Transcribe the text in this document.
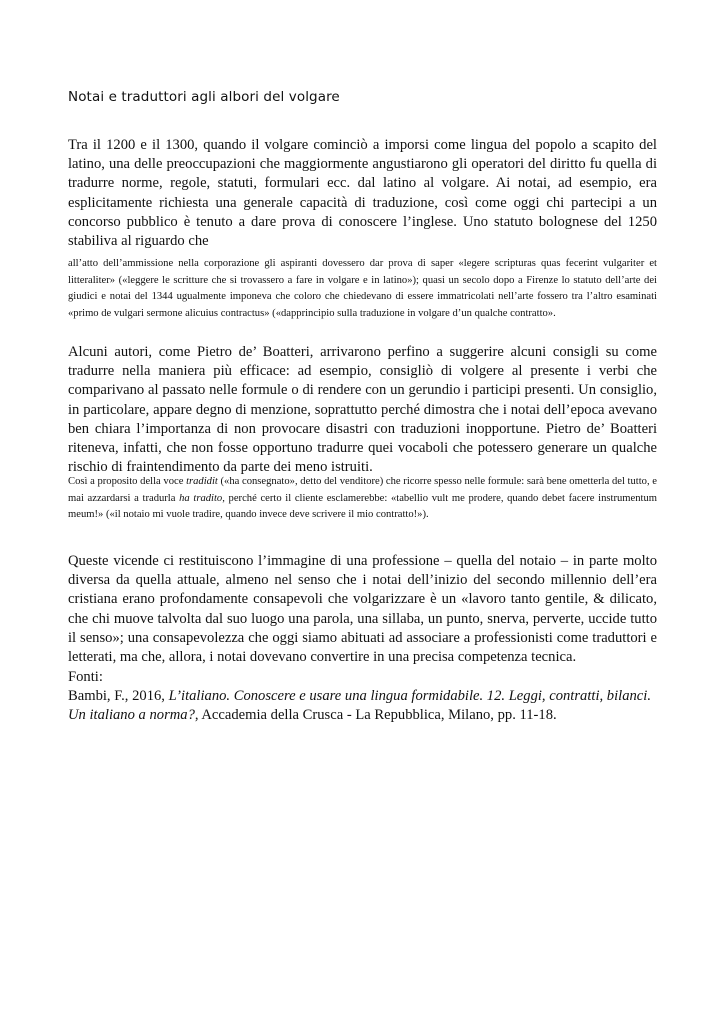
Notai e traduttori agli albori del volgare

Tra il 1200 e il 1300, quando il volgare cominciò a imporsi come lingua del popolo a scapito del latino, una delle preoccupazioni che maggiormente angustiarono gli operatori del diritto fu quella di tradurre norme, regole, statuti, formulari ecc. dal latino al volgare. Ai notai, ad esempio, era esplicitamente richiesta una generale capacità di traduzione, così come oggi chi partecipi a un concorso pubblico è tenuto a dare prova di conoscere l’inglese. Uno statuto bolognese del 1250 stabiliva al riguardo che

all’atto dell’ammissione nella corporazione gli aspiranti dovessero dar prova di saper «legere scripturas quas fecerint vulgariter et litteraliter» («leggere le scritture che si trovassero a fare in volgare e in latino»); quasi un secolo dopo a Firenze lo statuto dell’arte dei giudici e notai del 1344 ugualmente imponeva che coloro che chiedevano di essere immatricolati nell’arte fossero tra l’altro esaminati «primo de vulgari sermone alicuius contractus» («dapprincipio sulla traduzione in volgare d’un qualche contratto».

Alcuni autori, come Pietro de’ Boatteri, arrivarono perfino a suggerire alcuni consigli su come tradurre nella maniera più efficace: ad esempio, consigliò di volgere al presente i verbi che comparivano al passato nelle formule o di rendere con un gerundio i participi presenti. Un consiglio, in particolare, appare degno di menzione, soprattutto perché dimostra che i notai dell’epoca avevano ben chiara l’importanza di non provocare disastri con traduzioni inopportune. Pietro de’ Boatteri riteneva, infatti, che non fosse opportuno tradurre quei vocaboli che potessero generare un qualche rischio di fraintendimento da parte dei meno istruiti.

Così a proposito della voce tradidit («ha consegnato», detto del venditore) che ricorre spesso nelle formule: sarà bene ometterla del tutto, e mai azzardarsi a tradurla ha tradito, perché certo il cliente esclamerebbe: «tabellio vult me prodere, quando debet facere instrumentum meum!» («il notaio mi vuole tradire, quando invece deve scrivere il mio contratto!»).

Queste vicende ci restituiscono l’immagine di una professione – quella del notaio – in parte molto diversa da quella attuale, almeno nel senso che i notai dell’inizio del secondo millennio dell’era cristiana erano profondamente consapevoli che volgarizzare è un «lavoro tanto gentile, & dilicato, che chi muove talvolta dal suo luogo una parola, una sillaba, un punto, snerva, perverte, uccide tutto il senso»; una consapevolezza che oggi siamo abituati ad associare a professionisti come traduttori e letterati, ma che, allora, i notai dovevano convertire in una precisa competenza tecnica.

Fonti:
Bambi, F., 2016, L’italiano. Conoscere e usare una lingua formidabile. 12. Leggi, contratti, bilanci. Un italiano a norma?, Accademia della Crusca - La Repubblica, Milano, pp. 11-18.
